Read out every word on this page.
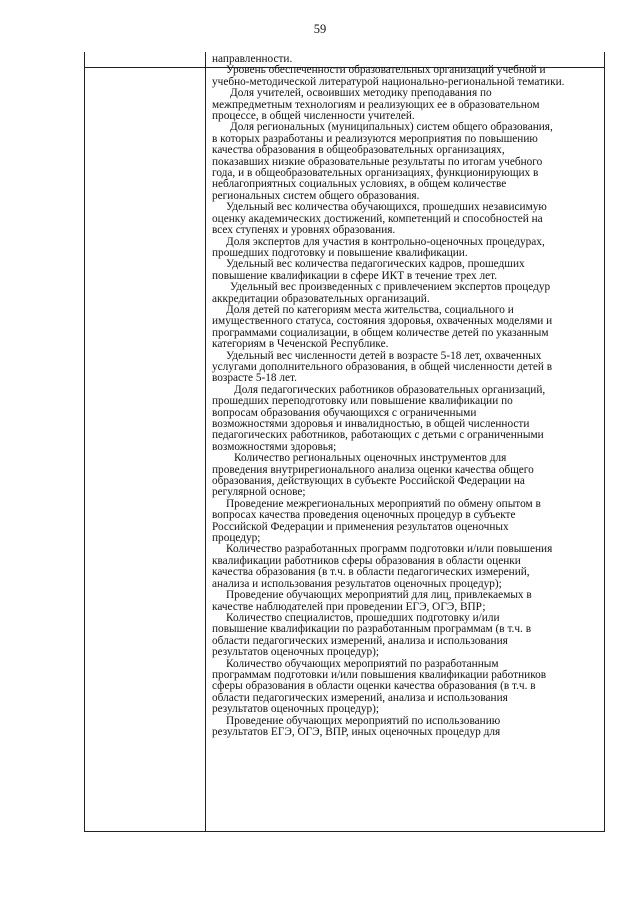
59
направленности.
Уровень обеспеченности образовательных организаций учебной и
учебно-методической литературой национально-региональной тематики.
Доля учителей, освоивших методику преподавания по
межпредметным технологиям и реализующих ее в образовательном
процессе, в общей численности учителей.
Доля региональных (муниципальных) систем общего образования,
в которых разработаны и реализуются мероприятия по повышению
качества образования в общеобразовательных организациях,
показавших низкие образовательные результаты по итогам учебного
года, и в общеобразовательных организациях, функционирующих в
неблагоприятных социальных условиях, в общем количестве
региональных систем общего образования.
Удельный вес количества обучающихся, прошедших независимую
оценку академических достижений, компетенций и способностей на
всех ступенях и уровнях образования.
Доля экспертов для участия в контрольно-оценочных процедурах,
прошедших подготовку и повышение квалификации.
Удельный вес количества педагогических кадров, прошедших
повышение квалификации в сфере ИКТ в течение трех лет.
Удельный вес произведенных с привлечением экспертов процедур
аккредитации образовательных организаций.
Доля детей по категориям места жительства, социального и
имущественного статуса, состояния здоровья, охваченных моделями и
программами социализации, в общем количестве детей по указанным
категориям в Чеченской Республике.
Удельный вес численности детей в возрасте 5-18 лет, охваченных
услугами дополнительного образования, в общей численности детей в
возрасте 5-18 лет.
Доля педагогических работников образовательных организаций,
прошедших переподготовку или повышение квалификации по
вопросам образования обучающихся с ограниченными
возможностями здоровья и инвалидностью, в общей численности
педагогических работников, работающих с детьми с ограниченными
возможностями здоровья;
Количество региональных оценочных инструментов для
проведения внутрирегионального анализа оценки качества общего
образования, действующих в субъекте Российской Федерации на
регулярной основе;
Проведение межрегиональных мероприятий по обмену опытом в
вопросах качества проведения оценочных процедур в субъекте
Российской Федерации и применения результатов оценочных
процедур;
Количество разработанных программ подготовки и/или повышения
квалификации работников сферы образования в области оценки
качества образования (в т.ч. в области педагогических измерений,
анализа и использования результатов оценочных процедур);
Проведение обучающих мероприятий для лиц, привлекаемых в
качестве наблюдателей при проведении ЕГЭ, ОГЭ, ВПР;
Количество специалистов, прошедших подготовку и/или
повышение квалификации по разработанным программам (в т.ч. в
области педагогических измерений, анализа и использования
результатов оценочных процедур);
Количество обучающих мероприятий по разработанным
программам подготовки и/или повышения квалификации работников
сферы образования в области оценки качества образования (в т.ч. в
области педагогических измерений, анализа и использования
результатов оценочных процедур);
Проведение обучающих мероприятий по использованию
результатов ЕГЭ, ОГЭ, ВПР, иных оценочных процедур для
